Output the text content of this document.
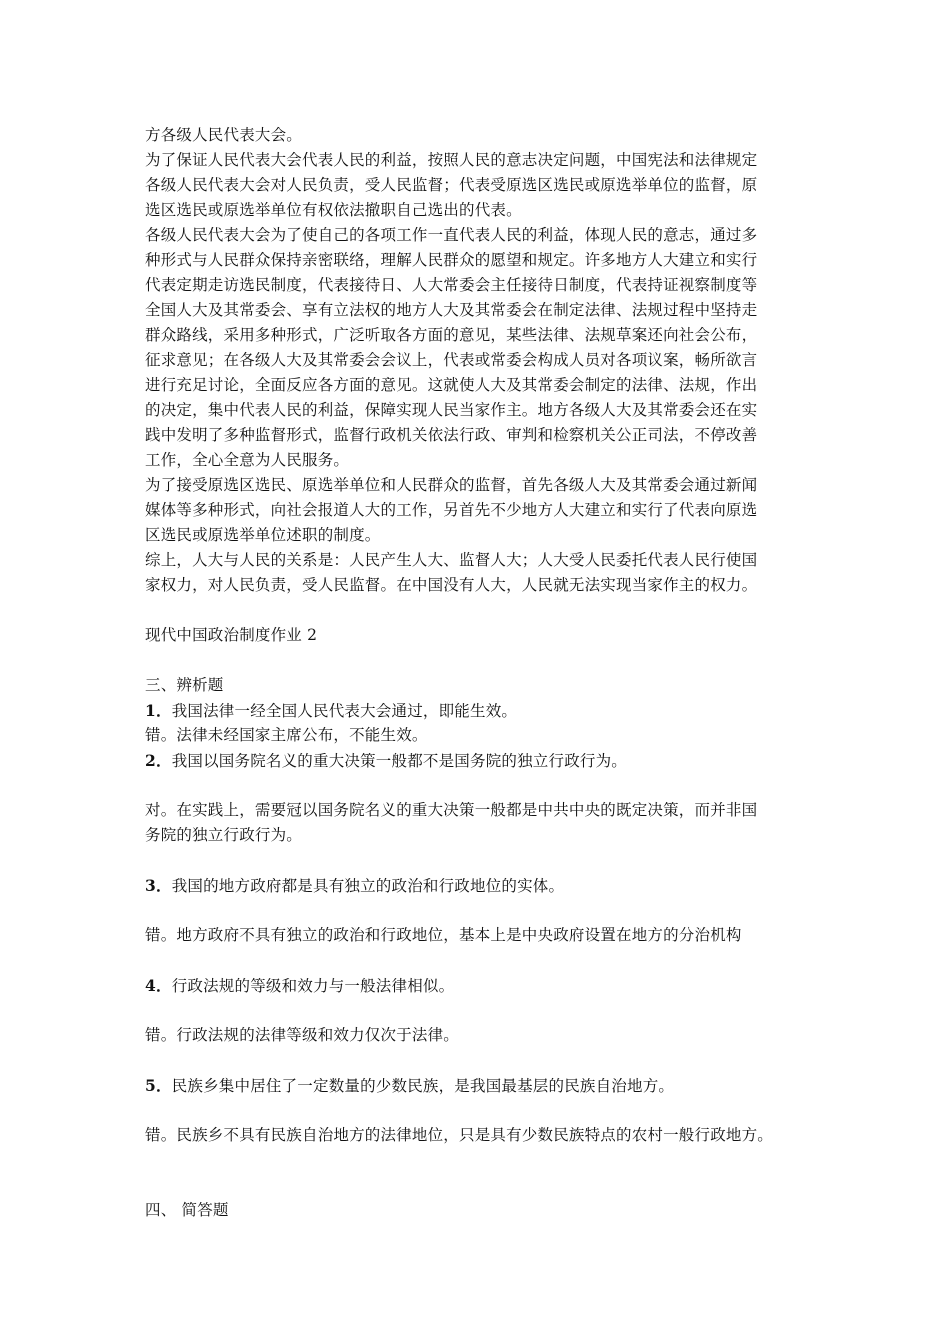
方各级人民代表大会。
为了保证人民代表大会代表人民的利益，按照人民的意志决定问题，中国宪法和法律规定
各级人民代表大会对人民负责，受人民监督；代表受原选区选民或原选举单位的监督，原
选区选民或原选举单位有权依法撤职自己选出的代表。
各级人民代表大会为了使自己的各项工作一直代表人民的利益，体现人民的意志，通过多
种形式与人民群众保持亲密联络，理解人民群众的愿望和规定。许多地方人大建立和实行
代表定期走访选民制度，代表接待日、人大常委会主任接待日制度，代表持证视察制度等
全国人大及其常委会、享有立法权的地方人大及其常委会在制定法律、法规过程中坚持走
群众路线，采用多种形式，广泛听取各方面的意见，某些法律、法规草案还向社会公布，
征求意见；在各级人大及其常委会会议上，代表或常委会构成人员对各项议案，畅所欲言
进行充足讨论，全面反应各方面的意见。这就使人大及其常委会制定的法律、法规，作出
的决定，集中代表人民的利益，保障实现人民当家作主。地方各级人大及其常委会还在实
践中发明了多种监督形式，监督行政机关依法行政、审判和检察机关公正司法，不停改善
工作，全心全意为人民服务。
为了接受原选区选民、原选举单位和人民群众的监督，首先各级人大及其常委会通过新闻
媒体等多种形式，向社会报道人大的工作，另首先不少地方人大建立和实行了代表向原选
区选民或原选举单位述职的制度。
综上，人大与人民的关系是：人民产生人大、监督人大；人大受人民委托代表人民行使国
家权力，对人民负责，受人民监督。在中国没有人大，人民就无法实现当家作主的权力。
现代中国政治制度作业 2
三、辨析题
1．我国法律一经全国人民代表大会通过，即能生效。
错。法律未经国家主席公布，不能生效。
2．我国以国务院名义的重大决策一般都不是国务院的独立行政行为。
对。在实践上，需要冠以国务院名义的重大决策一般都是中共中央的既定决策，而并非国
务院的独立行政行为。
3．我国的地方政府都是具有独立的政治和行政地位的实体。
错。地方政府不具有独立的政治和行政地位，基本上是中央政府设置在地方的分治机构
4．行政法规的等级和效力与一般法律相似。
错。行政法规的法律等级和效力仅次于法律。
5．民族乡集中居住了一定数量的少数民族，是我国最基层的民族自治地方。
错。民族乡不具有民族自治地方的法律地位，只是具有少数民族特点的农村一般行政地方。
四、 简答题
